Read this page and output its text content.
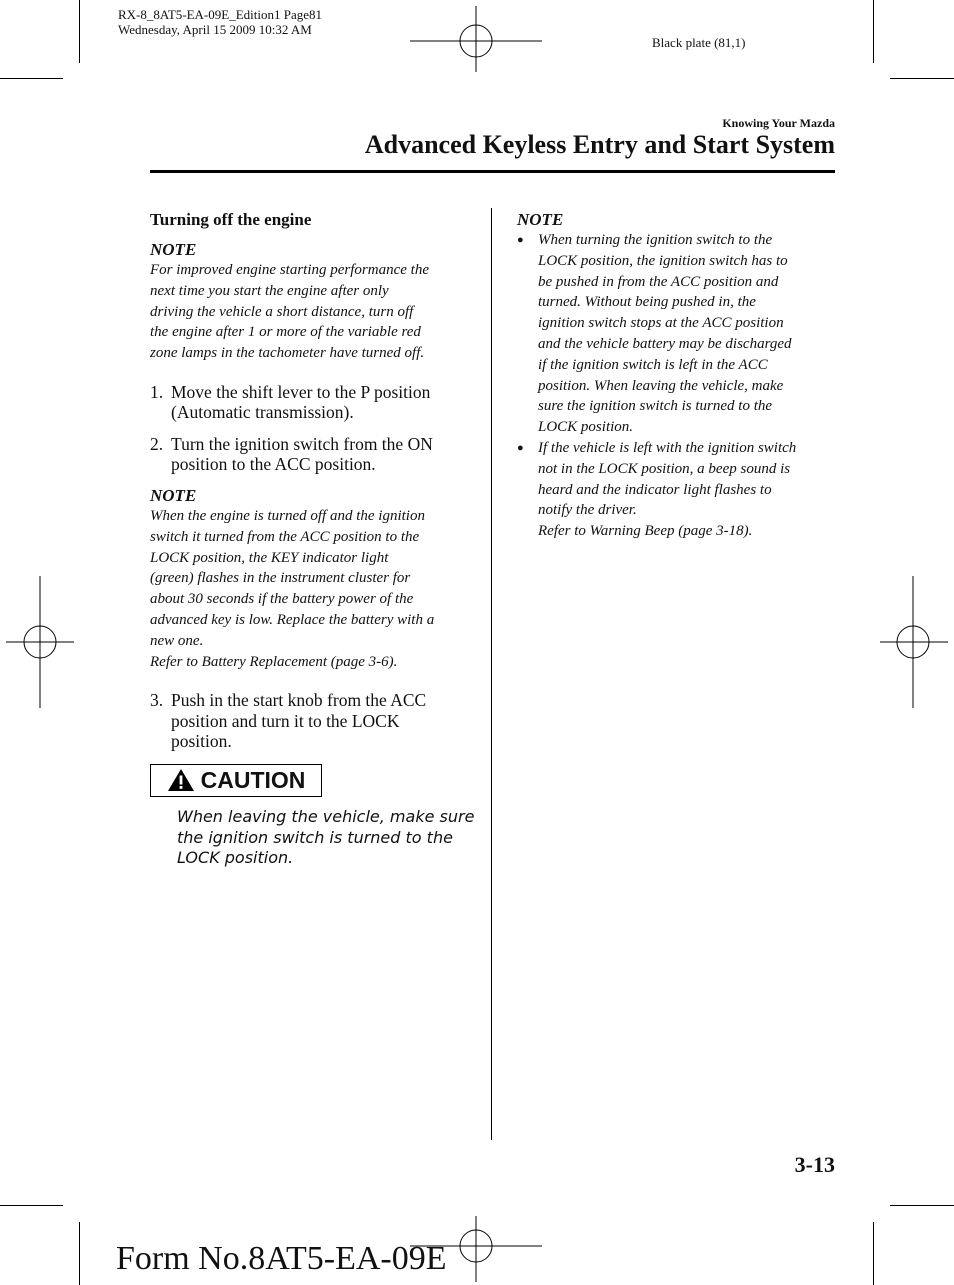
RX-8_8AT5-EA-09E_Edition1 Page81
Wednesday, April 15 2009 10:32 AM
Black plate (81,1)
Knowing Your Mazda
Advanced Keyless Entry and Start System
Turning off the engine
NOTE
For improved engine starting performance the
next time you start the engine after only
driving the vehicle a short distance, turn off
the engine after 1 or more of the variable red
zone lamps in the tachometer have turned off.
1. Move the shift lever to the P position
(Automatic transmission).
2. Turn the ignition switch from the ON
position to the ACC position.
NOTE
When the engine is turned off and the ignition
switch it turned from the ACC position to the
LOCK position, the KEY indicator light
(green) flashes in the instrument cluster for
about 30 seconds if the battery power of the
advanced key is low. Replace the battery with a
new one.
Refer to Battery Replacement (page 3-6).
3. Push in the start knob from the ACC
position and turn it to the LOCK
position.
CAUTION
When leaving the vehicle, make sure
the ignition switch is turned to the
LOCK position.
NOTE
● When turning the ignition switch to the
LOCK position, the ignition switch has to
be pushed in from the ACC position and
turned. Without being pushed in, the
ignition switch stops at the ACC position
and the vehicle battery may be discharged
if the ignition switch is left in the ACC
position. When leaving the vehicle, make
sure the ignition switch is turned to the
LOCK position.
● If the vehicle is left with the ignition switch
not in the LOCK position, a beep sound is
heard and the indicator light flashes to
notify the driver.
Refer to Warning Beep (page 3-18).
3-13
Form No.8AT5-EA-09E
